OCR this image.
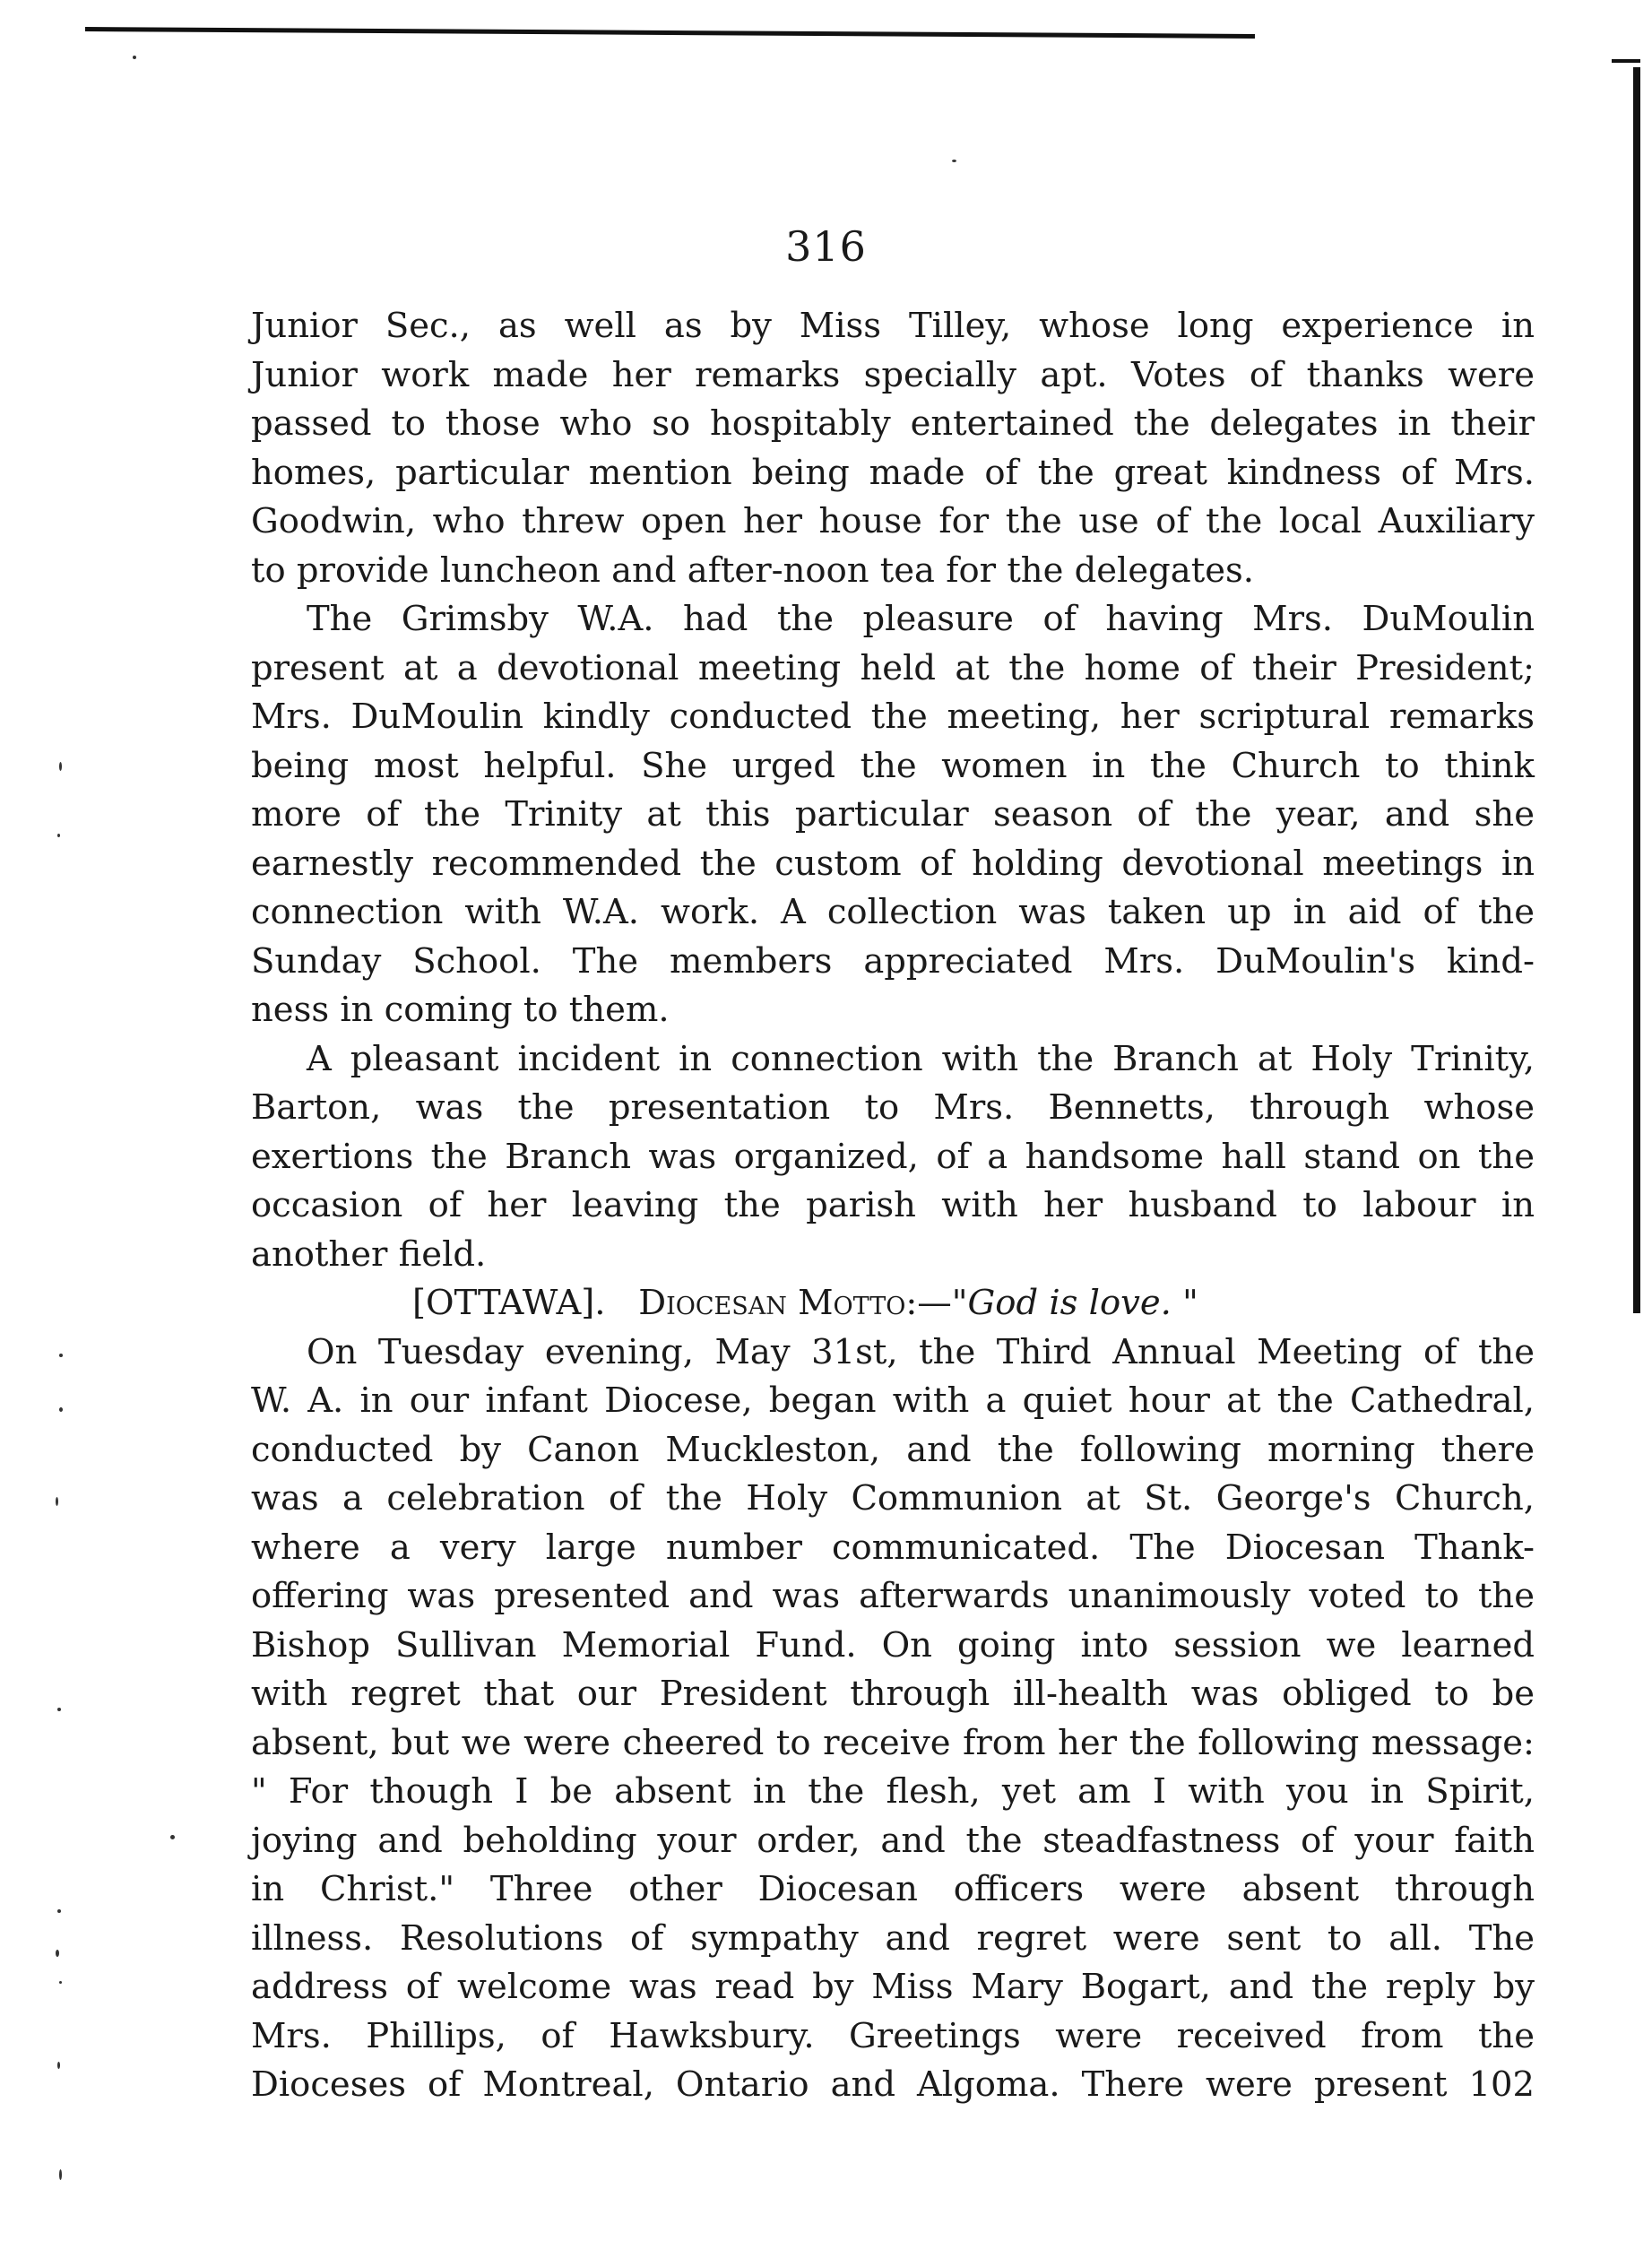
316
Junior Sec., as well as by Miss Tilley, whose long experience in
Junior work made her remarks specially apt. Votes of thanks were
passed to those who so hospitably entertained the delegates in their
homes, particular mention being made of the great kindness of Mrs.
Goodwin, who threw open her house for the use of the local Auxiliary
to provide luncheon and after-noon tea for the delegates.
The Grimsby W.A. had the pleasure of having Mrs. DuMoulin
present at a devotional meeting held at the home of their President;
Mrs. DuMoulin kindly conducted the meeting, her scriptural remarks
being most helpful. She urged the women in the Church to think
more of the Trinity at this particular season of the year, and she
earnestly recommended the custom of holding devotional meetings in
connection with W.A. work. A collection was taken up in aid of the
Sunday School. The members appreciated Mrs. DuMoulin's kind-
ness in coming to them.
A pleasant incident in connection with the Branch at Holy Trinity,
Barton, was the presentation to Mrs. Bennetts, through whose
exertions the Branch was organized, of a handsome hall stand on the
occasion of her leaving the parish with her husband to labour in
another field.
[OTTAWA]. Diocesan Motto:—"God is love. "
On Tuesday evening, May 31st, the Third Annual Meeting of the
W. A. in our infant Diocese, began with a quiet hour at the Cathedral,
conducted by Canon Muckleston, and the following morning there
was a celebration of the Holy Communion at St. George's Church,
where a very large number communicated. The Diocesan Thank-
offering was presented and was afterwards unanimously voted to the
Bishop Sullivan Memorial Fund. On going into session we learned
with regret that our President through ill-health was obliged to be
absent, but we were cheered to receive from her the following message:
" For though I be absent in the flesh, yet am I with you in Spirit,
joying and beholding your order, and the steadfastness of your faith
in Christ." Three other Diocesan officers were absent through
illness. Resolutions of sympathy and regret were sent to all. The
address of welcome was read by Miss Mary Bogart, and the reply by
Mrs. Phillips, of Hawksbury. Greetings were received from the
Dioceses of Montreal, Ontario and Algoma. There were present 102
